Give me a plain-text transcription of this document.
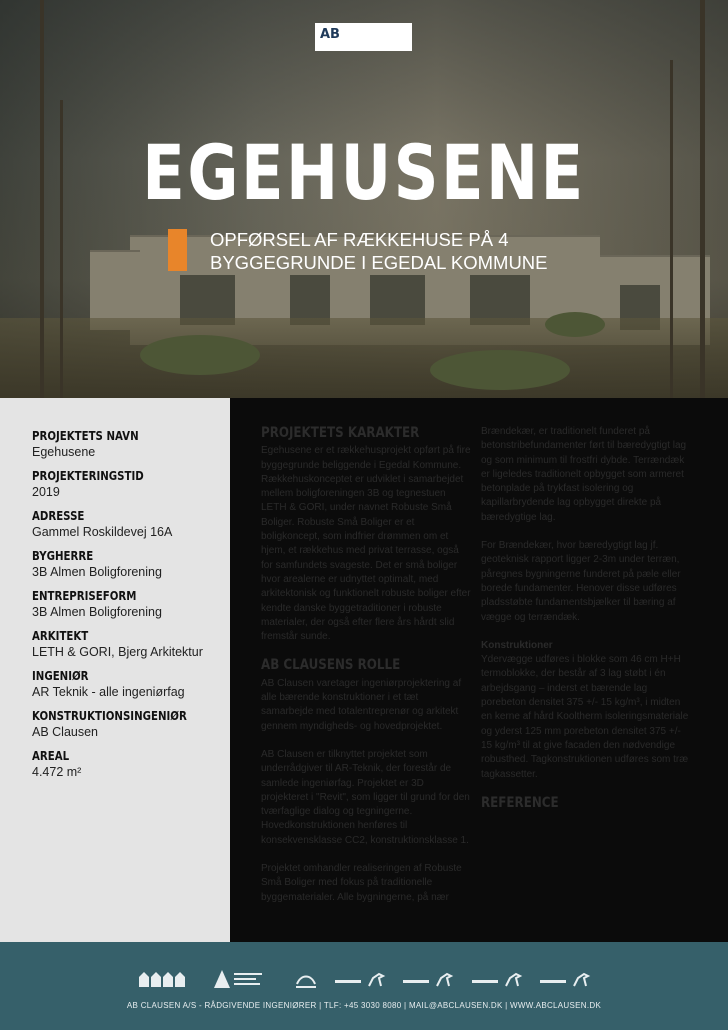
AB
EGEHUSENE
OPFØRSEL AF RÆKKEHUSE PÅ 4 BYGGEGRUNDE I EGEDAL KOMMUNE
PROJEKTETS NAVN
Egehusene
PROJEKTERINGSTID
2019
ADRESSE
Gammel Roskildevej 16A
BYGHERRE
3B Almen Boligforening
ENTREPRISEFORM
3B Almen Boligforening
ARKITEKT
LETH & GORI, Bjerg Arkitektur
INGENIØR
AR Teknik - alle ingeniørfag
KONSTRUKTIONSINGENIØR
AB Clausen
AREAL
4.472 m²
PROJEKTETS KARAKTER

Egehusene er et rækkehusprojekt opført på fire byggegrunde beliggende i Egedal Kommune. Rækkehuskonceptet er udviklet i samarbejdet mellem boligforeningen 3B og tegnestuen LETH & GORI, under navnet Robuste Små Boliger. Robuste Små Boliger er et boligkoncept, som indfrier drømmen om et hjem, et rækkehus med privat terrasse, også for samfundets svageste. Det er små boliger hvor arealerne er udnyttet optimalt, med arkitektonisk og funktionelt robuste boliger efter kendte danske byggetraditioner i robuste materialer, der også efter flere års hårdt slid fremstår sunde.

AB CLAUSENS ROLLE

AB Clausen varetager ingeniørprojektering af alle bærende konstruktioner i et tæt samarbejde med totalentreprenør og arkitekt gennem myndigheds- og hovedprojektet.

AB Clausen er tilknyttet projektet som underrådgiver til AR-Teknik, der forestår de samlede ingeniørfag. Projektet er 3D projekteret i "Revit", som ligger til grund for den tværfaglige dialog og tegningerne. Hovedkonstruktionen henføres til konsekvensklasse CC2, konstruktionsklasse 1.

Projektet omhandler realiseringen af Robuste Små Boliger med fokus på traditionelle byggematerialer. Alle bygningerne, på nær

Brændekær, er traditionelt funderet på betonstribefundamenter ført til bæredygtigt lag og som minimum til frostfri dybde. Terrændæk er ligeledes traditionelt opbygget som armeret betonplade på trykfast isolering og kapillarbrydende lag opbygget direkte på bæredygtige lag.

For Brændekær, hvor bæredygtigt lag jf. geoteknisk rapport ligger 2-3m under terræn, påregnes bygningerne funderet på pæle eller borede fundamenter. Henover disse udføres pladsstøbte fundamentsbjælker til bæring af vægge og terrændæk.

Konstruktioner

Ydervægge udføres i blokke som 46 cm H+H termoblokke, der består af 3 lag støbt i én arbejdsgang – inderst et bærende lag porebeton densitet 375 +/- 15 kg/m³, i midten en kerne af hård Kooltherm isoleringsmateriale og yderst 125 mm porebeton densitet 375 +/- 15 kg/m³ til at give facaden den nødvendige robusthed. Tagkonstruktionen udføres som træ tagkassetter.

REFERENCE
AB CLAUSEN A/S - RÅDGIVENDE INGENIØRER | TLF: +45 3030 8080 | MAIL@ABCLAUSEN.DK | WWW.ABCLAUSEN.DK
